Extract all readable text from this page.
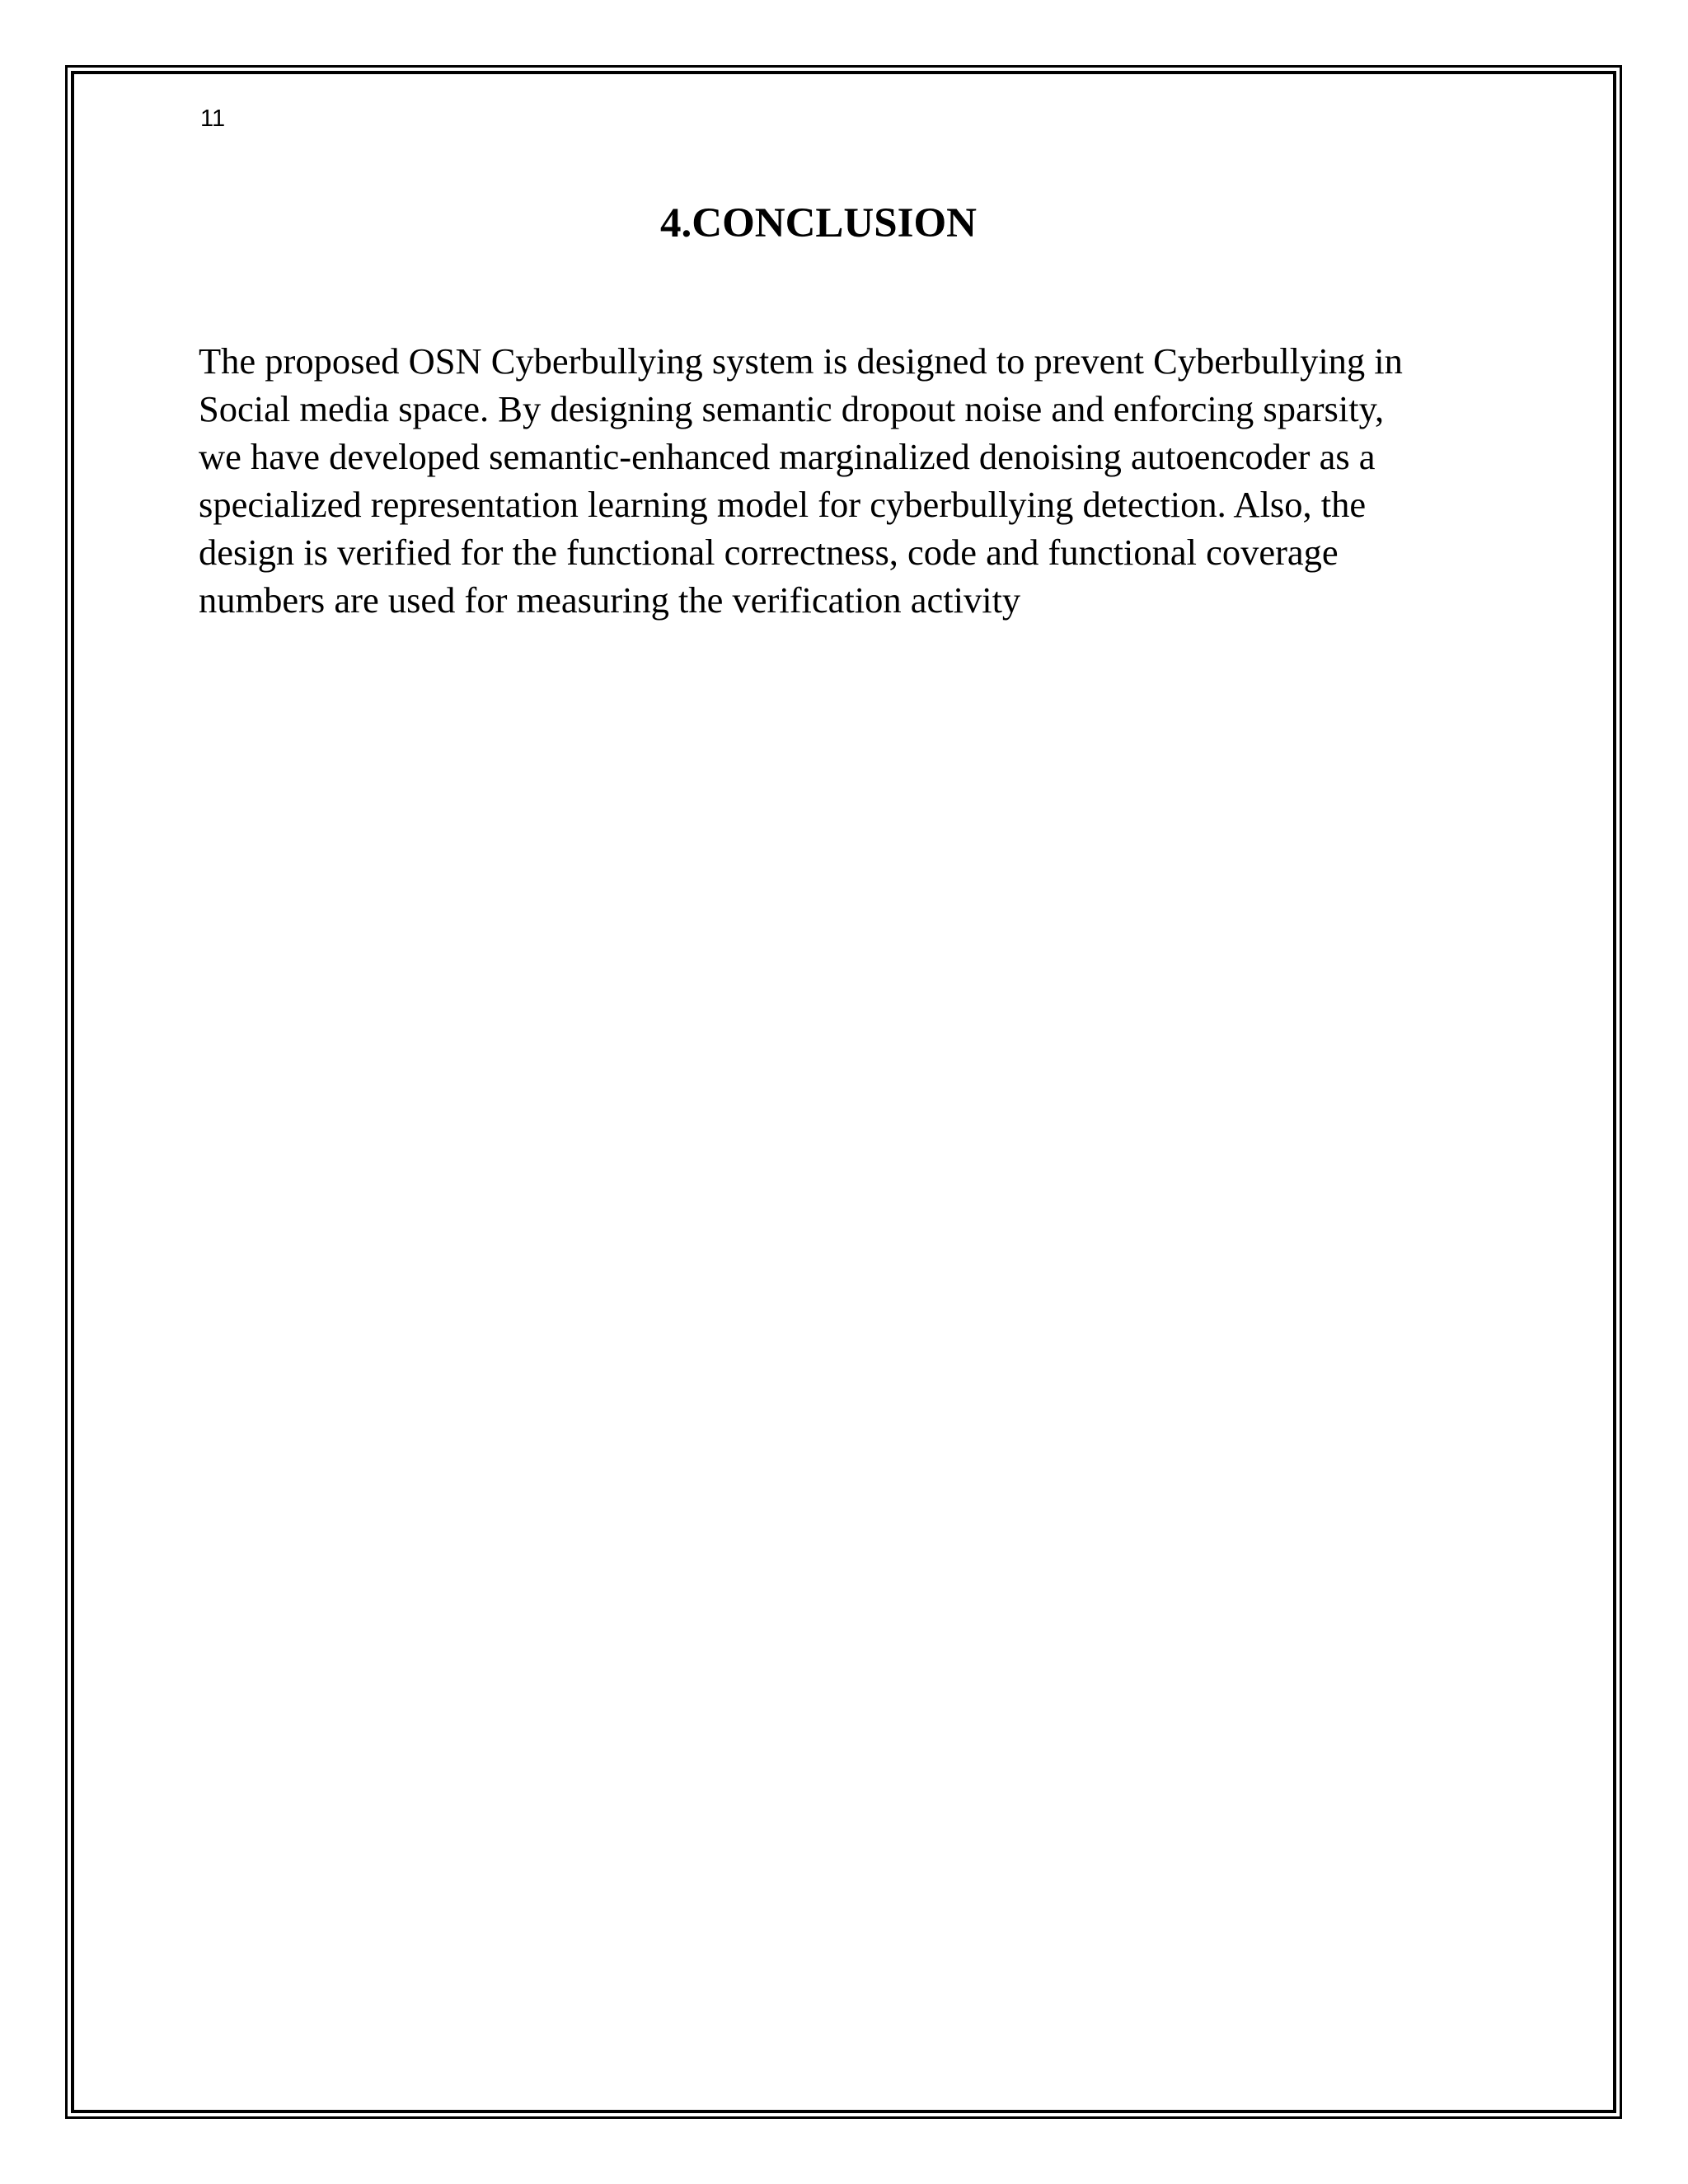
11
4.CONCLUSION

The proposed OSN Cyberbullying system is designed to prevent Cyberbullying in
Social media space. By designing semantic dropout noise and enforcing sparsity,
we have developed semantic-enhanced marginalized denoising autoencoder as a
specialized representation learning model for cyberbullying detection. Also, the
design is verified for the functional correctness, code and functional coverage
numbers are used for measuring the verification activity
